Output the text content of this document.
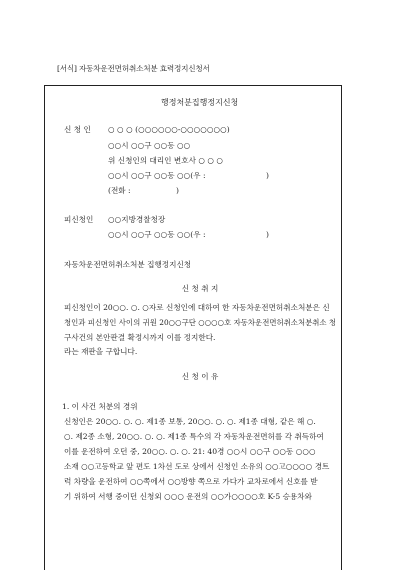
[서식] 자동차운전면허취소처분 효력정지신청서
행정처분집행정지신청
신 청 인 ○ ○ ○ (○○○○○○-○○○○○○○)
○○시 ○○구 ○○동 ○○
위 신청인의 대리인 변호사 ○ ○ ○
○○시 ○○구 ○○동 ○○(우 :	)
(전화 :	)
피신청인 ○○지방경찰청장
○○시 ○○구 ○○동 ○○(우 :	)
자동차운전면허취소처분 집행정지신청
신 청 취 지
피신청인이 20○○. ○. ○자로 신청인에 대하여 한 자동차운전면허취소처분은 신
청인과 피신청인 사이의 귀원 20○○구단 ○○○○호 자동차운전면허취소처분취소 청
구사건의 본안판결 확정시까지 이를 정지한다.
라는 재판을 구합니다.
신 청 이 유
1. 이 사건 처분의 경위
신청인은 20○○. ○. ○. 제1종 보통, 20○○. ○. ○. 제1종 대형, 같은 해 ○.
○. 제2종 소형, 20○○. ○. ○. 제1종 특수의 각 자동차운전면허를 각 취득하여
이를 운전하여 오던 중, 20○○. ○. ○. 21: 40경 ○○시 ○○구 ○○동 ○○○
소재 ○○고등학교 앞 편도 1차선 도로 상에서 신청인 소유의 ○○고○○○○ 경트
럭 차량을 운전하여 ○○쪽에서 ○○방향 쪽으로 가다가 교차로에서 신호를 받
기 위하여 서행 중이던 신청외 ○○○ 운전의 ○○가○○○○호 K-5 승용차와
